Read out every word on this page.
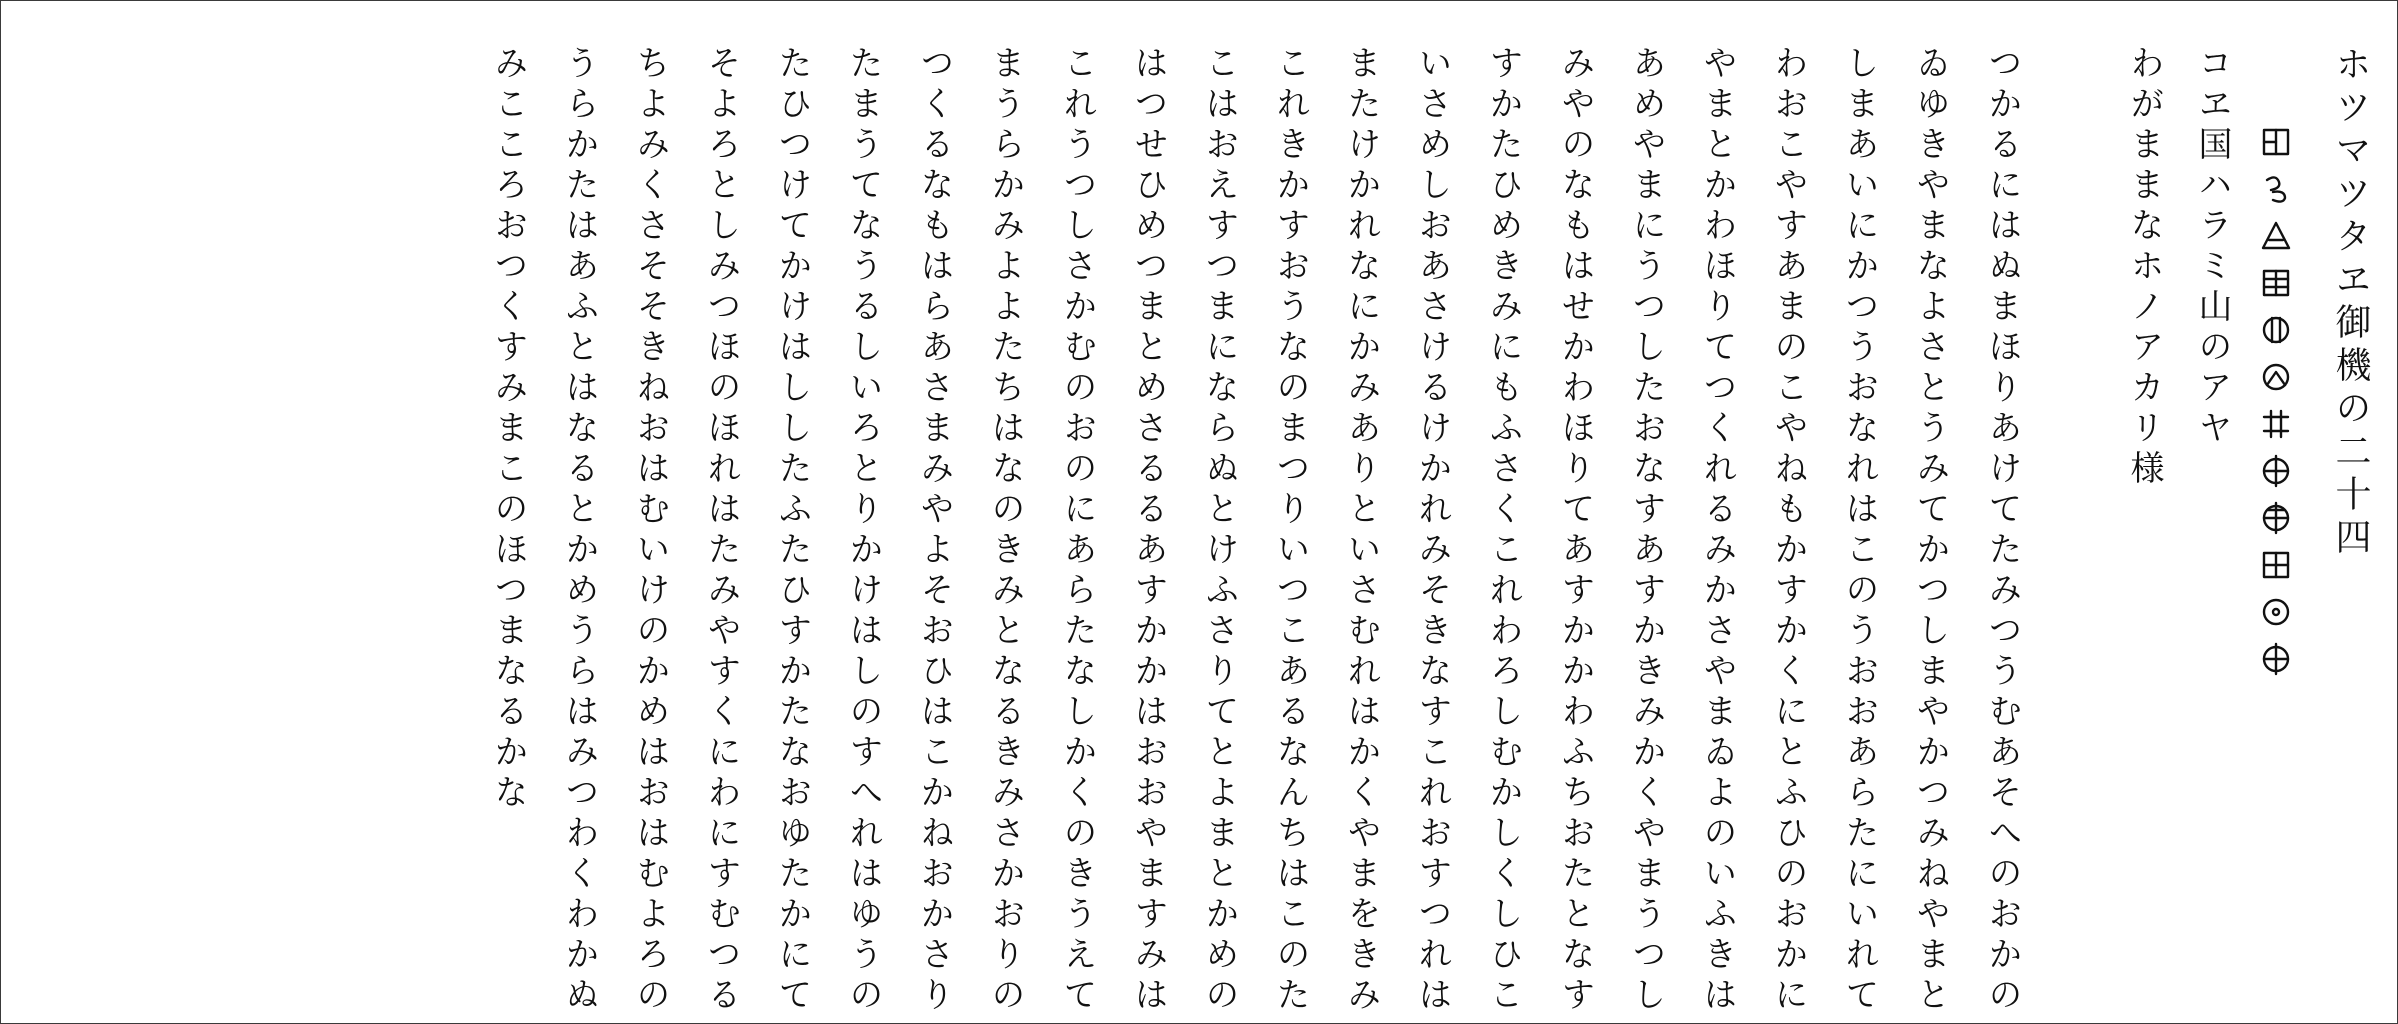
ホツマツタヱ御機の二十四
コヱ国ハラミ山のアヤ
わがままなホノアカリ様
つかるにはぬまほりあけてたみつうむあそへのおかの
ゐゆきやまなよさとうみてかつしまやかつみねやまと
しまあいにかつうおなれはこのうおおあらたにいれて
わおこやすあまのこやねもかすかくにとふひのおかに
やまとかわほりてつくれるみかさやまゐよのいふきは
あめやまにうつしたおなすあすかきみかくやまうつし
みやのなもはせかわほりてあすかかわふちおたとなす
すかたひめきみにもふさくこれわろしむかしくしひこ
いさめしおあさけるけかれみそきなすこれおすつれは
またけかれなにかみありといさむれはかくやまをきみ
これきかすおうなのまつりいつこあるなんちはこのた
こはおえすつまにならぬとけふさりてとよまとかめの
はつせひめつまとめさるるあすかかはおおやますみは
これうつしさかむのおのにあらたなしかくのきうえて
まうらかみよよたちはなのきみとなるきみさかおりの
つくるなもはらあさまみやよそおひはこかねおかさり
たまうてなうるしいろとりかけはしのすへれはゆうの
たひつけてかけはししたふたひすかたなおゆたかにて
そよろとしみつほのほれはたみやすくにわにすむつる
ちよみくさそそきねおはむいけのかめはおはむよろの
うらかたはあふとはなるとかめうらはみつわくわかぬ
みこころおつくすみまこのほつまなるかな
